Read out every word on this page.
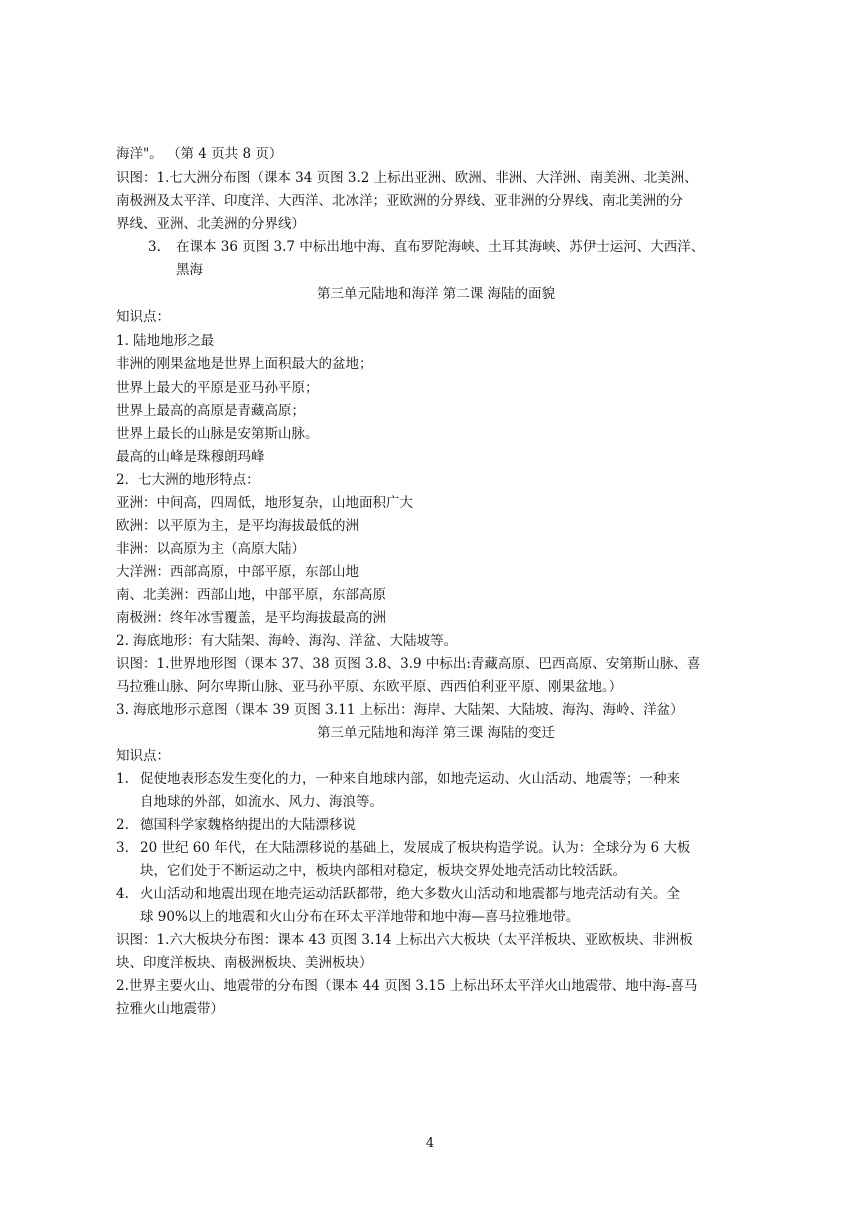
海洋"。 （第 4 页共 8 页）
识图：1.七大洲分布图（课本 34 页图 3.2 上标出亚洲、欧洲、非洲、大洋洲、南美洲、北美洲、
南极洲及太平洋、印度洋、大西洋、北冰洋；亚欧洲的分界线、亚非洲的分界线、南北美洲的分
界线、亚洲、北美洲的分界线）
3.	在课本 36 页图 3.7 中标出地中海、直布罗陀海峡、土耳其海峡、苏伊士运河、大西洋、
黑海
第三单元陆地和海洋 第二课 海陆的面貌
知识点：
1. 陆地地形之最
非洲的刚果盆地是世界上面积最大的盆地；
世界上最大的平原是亚马孙平原；
世界上最高的高原是青藏高原；
世界上最长的山脉是安第斯山脉。
最高的山峰是珠穆朗玛峰
2．七大洲的地形特点：
亚洲：中间高，四周低，地形复杂，山地面积广大
欧洲：以平原为主，是平均海拔最低的洲
非洲：以高原为主（高原大陆）
大洋洲：西部高原，中部平原，东部山地
南、北美洲：西部山地，中部平原，东部高原
南极洲：终年冰雪覆盖，是平均海拔最高的洲
2. 海底地形：有大陆架、海岭、海沟、洋盆、大陆坡等。
识图：1.世界地形图（课本 37、38 页图 3.8、3.9 中标出:青藏高原、巴西高原、安第斯山脉、喜
马拉雅山脉、阿尔卑斯山脉、亚马孙平原、东欧平原、西西伯利亚平原、刚果盆地。）
3. 海底地形示意图（课本 39 页图 3.11 上标出：海岸、大陆架、大陆坡、海沟、海岭、洋盆）
第三单元陆地和海洋 第三课 海陆的变迁
知识点：
1. 促使地表形态发生变化的力，一种来自地球内部，如地壳运动、火山活动、地震等；一种来
自地球的外部，如流水、风力、海浪等。
2. 德国科学家魏格纳提出的大陆漂移说
3. 20 世纪 60 年代，在大陆漂移说的基础上，发展成了板块构造学说。认为：全球分为 6 大板
块，它们处于不断运动之中，板块内部相对稳定，板块交界处地壳活动比较活跃。
4. 火山活动和地震出现在地壳运动活跃都带，绝大多数火山活动和地震都与地壳活动有关。全
球 90%以上的地震和火山分布在环太平洋地带和地中海—喜马拉雅地带。
识图：1.六大板块分布图：课本 43 页图 3.14 上标出六大板块（太平洋板块、亚欧板块、非洲板
块、印度洋板块、南极洲板块、美洲板块）
2.世界主要火山、地震带的分布图（课本 44 页图 3.15 上标出环太平洋火山地震带、地中海-喜马
拉雅火山地震带）
4
